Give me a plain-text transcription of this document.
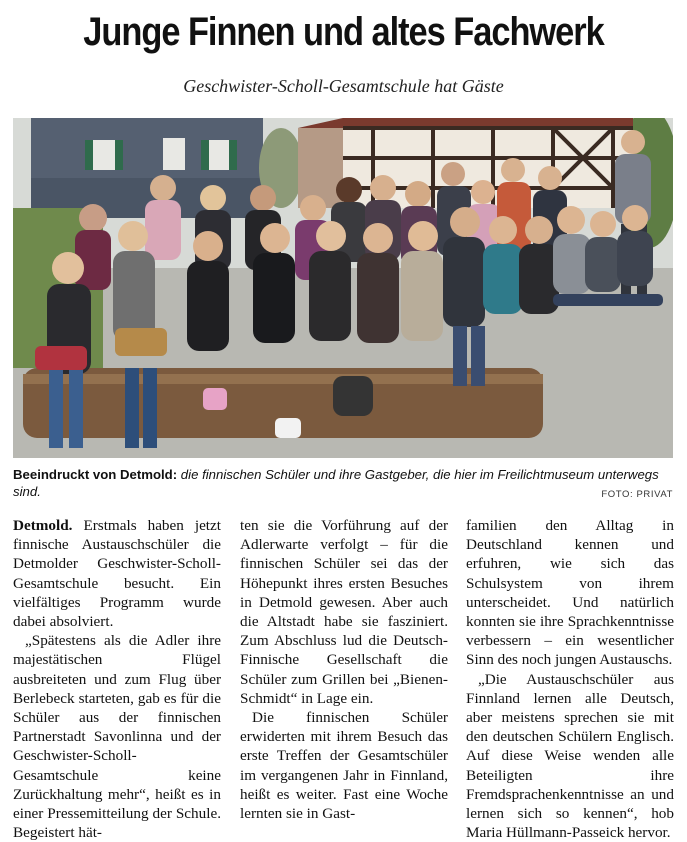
Junge Finnen und altes Fachwerk
Geschwister-Scholl-Gesamtschule hat Gäste
Beeindruckt von Detmold: die finnischen Schüler und ihre Gastgeber, die hier im Freilichtmuseum unterwegs sind.	FOTO: PRIVAT

Detmold. Erstmals haben jetzt finnische Austauschschüler die Detmolder Geschwister-Scholl-Gesamtschule besucht. Ein vielfältiges Programm wurde dabei absolviert.

„Spätestens als die Adler ihre majestätischen Flügel ausbreiteten und zum Flug über Berlebeck starteten, gab es für die Schüler aus der finnischen Partnerstadt Savonlinna und der Geschwister-Scholl-Gesamtschule keine Zurückhaltung mehr“, heißt es in einer Pressemitteilung der Schule. Begeistert hät-

ten sie die Vorführung auf der Adlerwarte verfolgt – für die finnischen Schüler sei das der Höhepunkt ihres ersten Besuches in Detmold gewesen. Aber auch die Altstadt habe sie fasziniert. Zum Abschluss lud die Deutsch-Finnische Gesellschaft die Schüler zum Grillen bei „Bienen-Schmidt“ in Lage ein.

Die finnischen Schüler erwiderten mit ihrem Besuch das erste Treffen der Gesamtschüler im vergangenen Jahr in Finnland, heißt es weiter. Fast eine Woche lernten sie in Gast-

familien den Alltag in Deutschland kennen und erfuhren, wie sich das Schulsystem von ihrem unterscheidet. Und natürlich konnten sie ihre Sprachkenntnisse verbessern – ein wesentlicher Sinn des noch jungen Austauschs.

„Die Austauschschüler aus Finnland lernen alle Deutsch, aber meistens sprechen sie mit den deutschen Schülern Englisch. Auf diese Weise wenden alle Beteiligten ihre Fremdsprachenkenntnisse an und lernen sich so kennen“, hob Maria Hüllmann-Passeick hervor.
